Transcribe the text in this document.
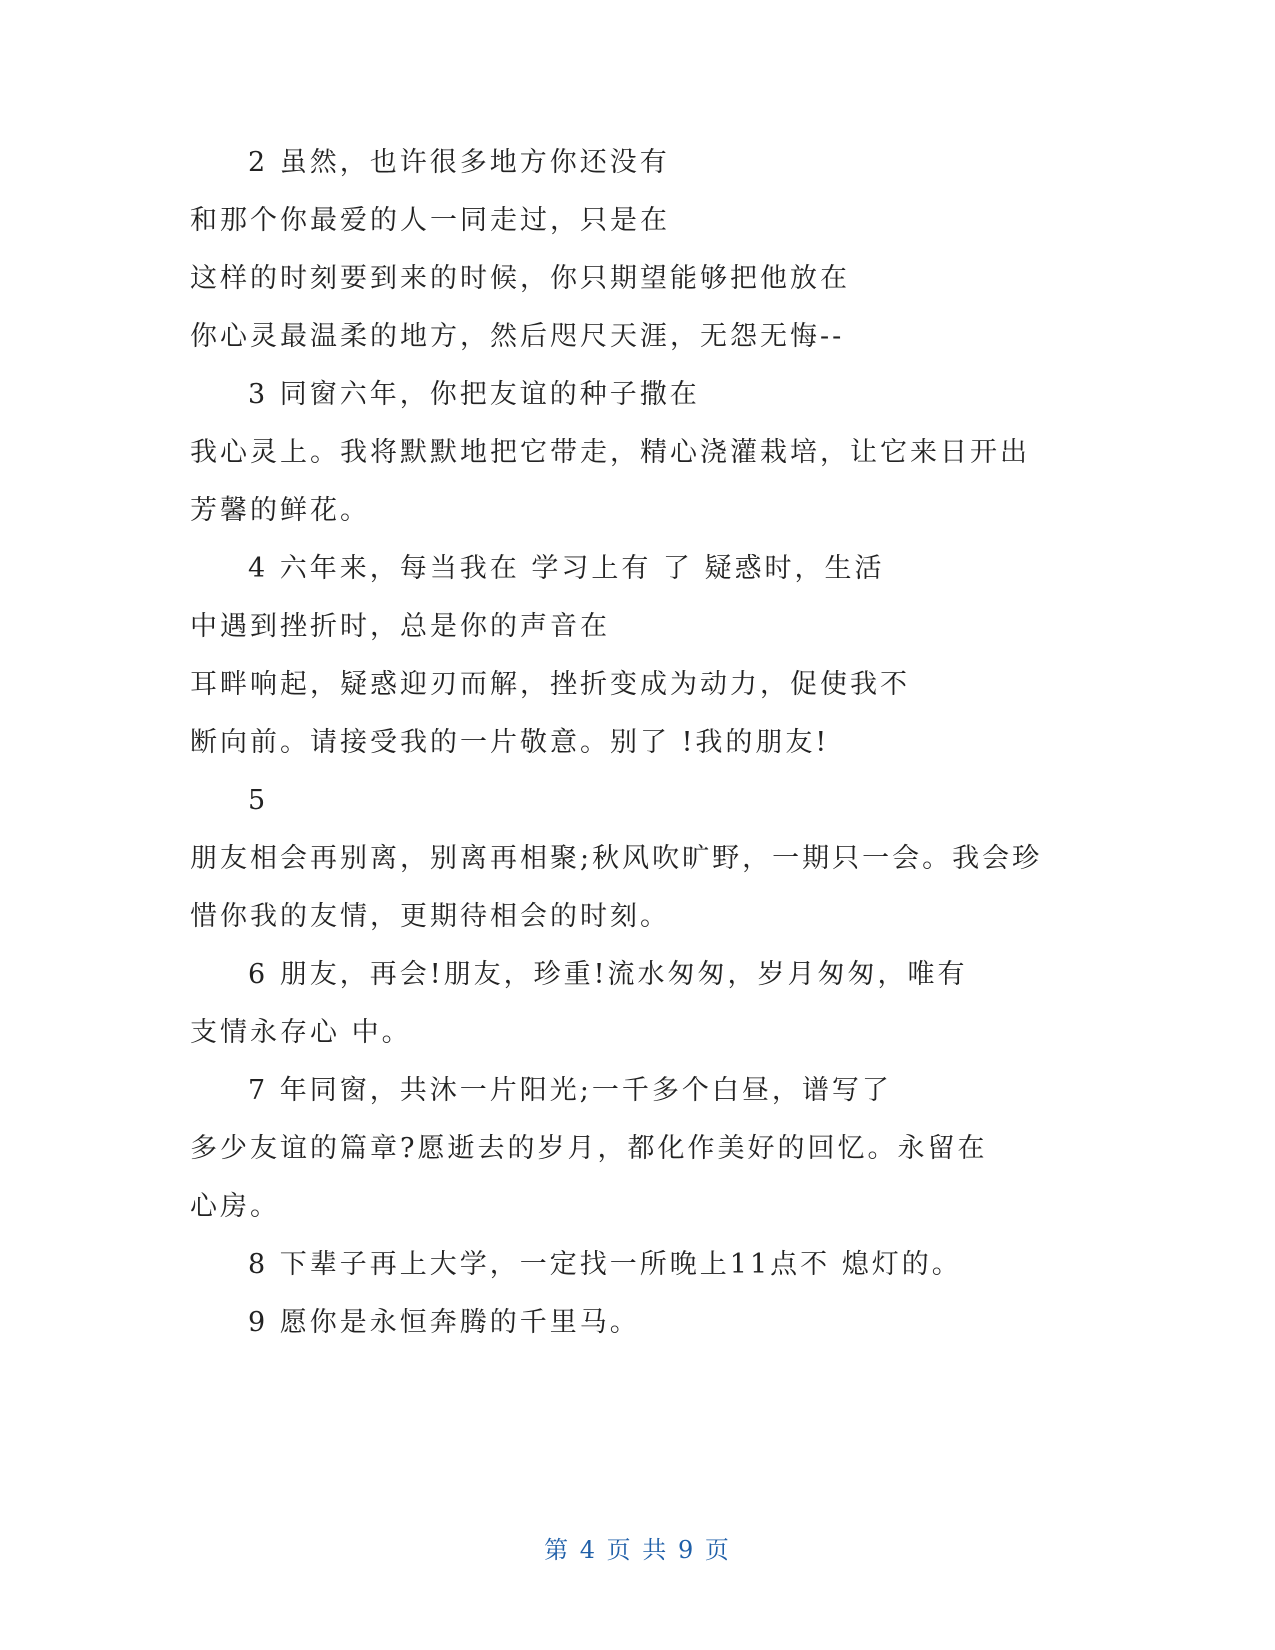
2 虽然，也许很多地方你还没有
和那个你最爱的人一同走过，只是在
这样的时刻要到来的时候，你只期望能够把他放在
你心灵最温柔的地方，然后咫尺天涯，无怨无悔--
3 同窗六年，你把友谊的种子撒在
我心灵上。我将默默地把它带走，精心浇灌栽培，让它来日开出
芳馨的鲜花。
4 六年来，每当我在 学习上有 了 疑惑时，生活
中遇到挫折时，总是你的声音在
耳畔响起，疑惑迎刃而解，挫折变成为动力，促使我不
断向前。请接受我的一片敬意。别了 !我的朋友!
5
朋友相会再别离，别离再相聚;秋风吹旷野，一期只一会。我会珍
惜你我的友情，更期待相会的时刻。
6 朋友，再会!朋友，珍重!流水匆匆，岁月匆匆，唯有
支情永存心 中。
7 年同窗，共沐一片阳光;一千多个白昼，谱写了
多少友谊的篇章?愿逝去的岁月，都化作美好的回忆。永留在
心房。
8 下辈子再上大学，一定找一所晚上11点不 熄灯的。
9 愿你是永恒奔腾的千里马。
第 4 页 共 9 页
